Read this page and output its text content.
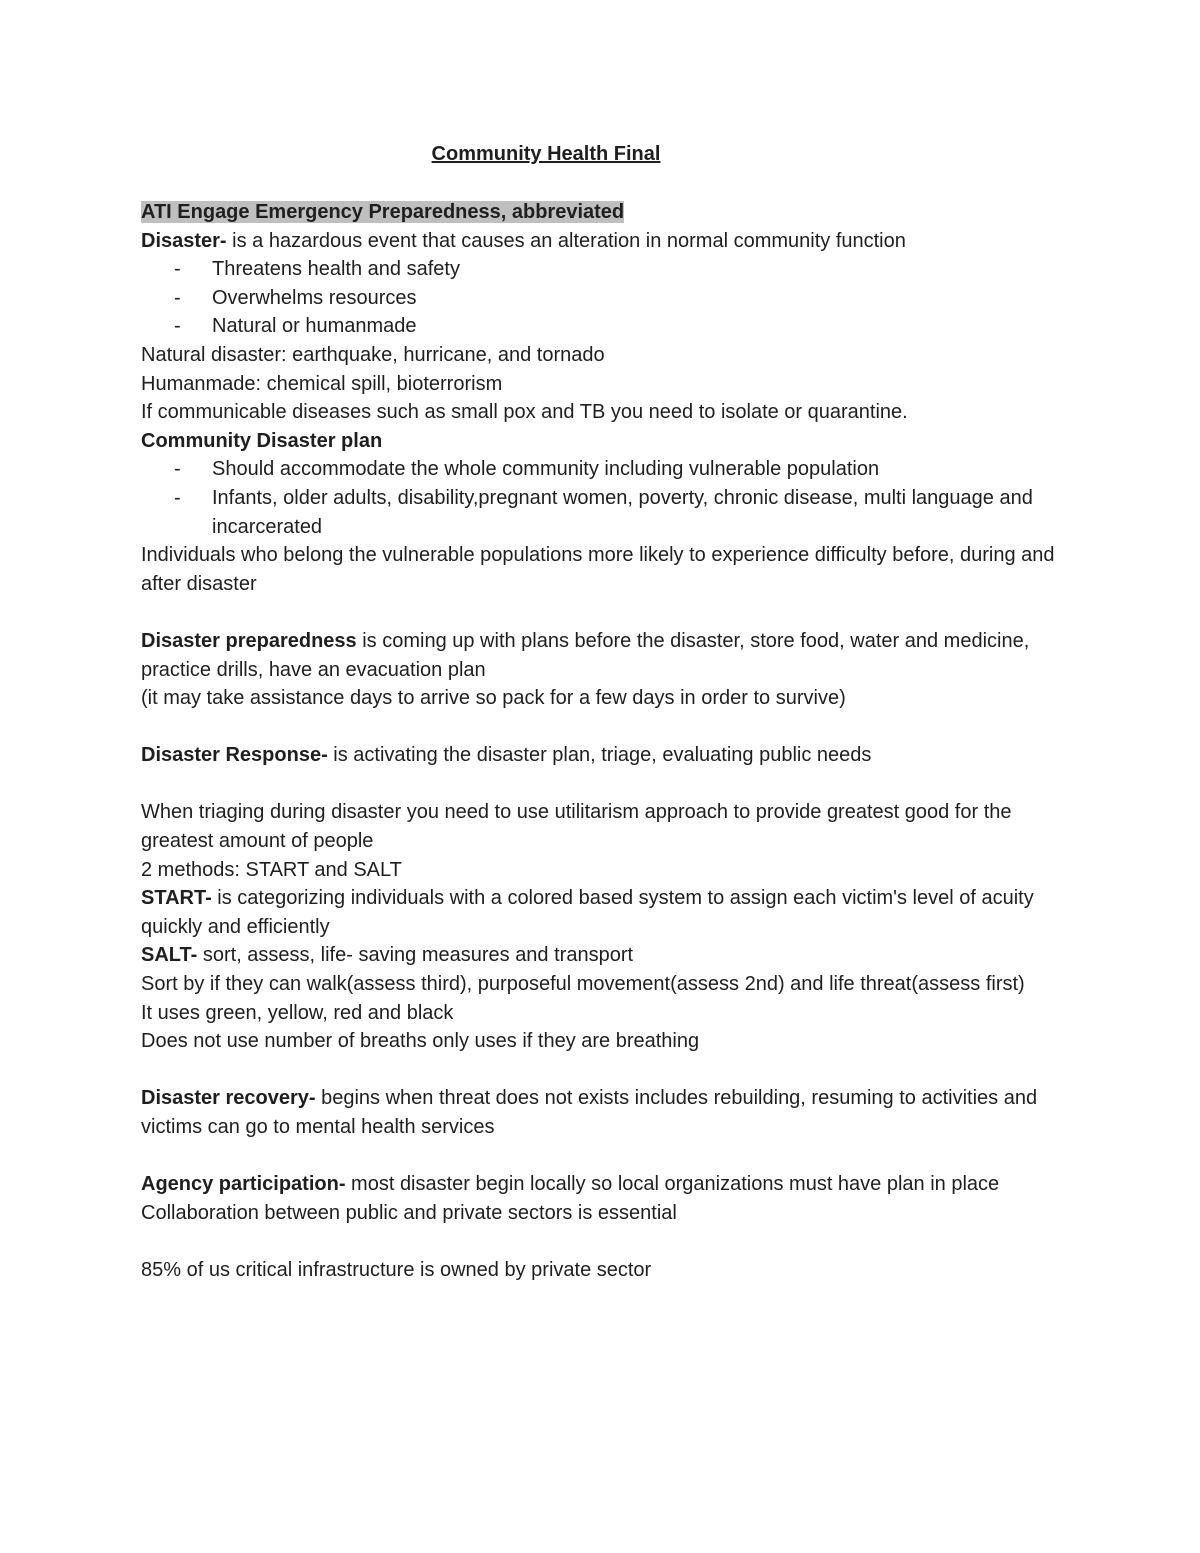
Community Health Final

ATI Engage Emergency Preparedness, abbreviated

Disaster- is a hazardous event that causes an alteration in normal community function

- Threatens health and safety

- Overwhelms resources

- Natural or humanmade

Natural disaster: earthquake, hurricane, and tornado

Humanmade: chemical spill, bioterrorism

If communicable diseases such as small pox and TB you need to isolate or quarantine.

Community Disaster plan

- Should accommodate the whole community including vulnerable population

- Infants, older adults, disability,pregnant women, poverty, chronic disease, multi language and incarcerated

Individuals who belong the vulnerable populations more likely to experience difficulty before, during and after disaster

Disaster preparedness is coming up with plans before the disaster, store food, water and medicine, practice drills, have an evacuation plan

(it may take assistance days to arrive so pack for a few days in order to survive)

Disaster Response- is activating the disaster plan, triage, evaluating public needs

When triaging during disaster you need to use utilitarism approach to provide greatest good for the greatest amount of people

2 methods: START and SALT

START- is categorizing individuals with a colored based system to assign each victim's level of acuity quickly and efficiently

SALT- sort, assess, life- saving measures and transport

Sort by if they can walk(assess third), purposeful movement(assess 2nd) and life threat(assess first)

It uses green, yellow, red and black

Does not use number of breaths only uses if they are breathing

Disaster recovery- begins when threat does not exists includes rebuilding, resuming to activities and victims can go to mental health services

Agency participation- most disaster begin locally so local organizations must have plan in place

Collaboration between public and private sectors is essential

85% of us critical infrastructure is owned by private sector
